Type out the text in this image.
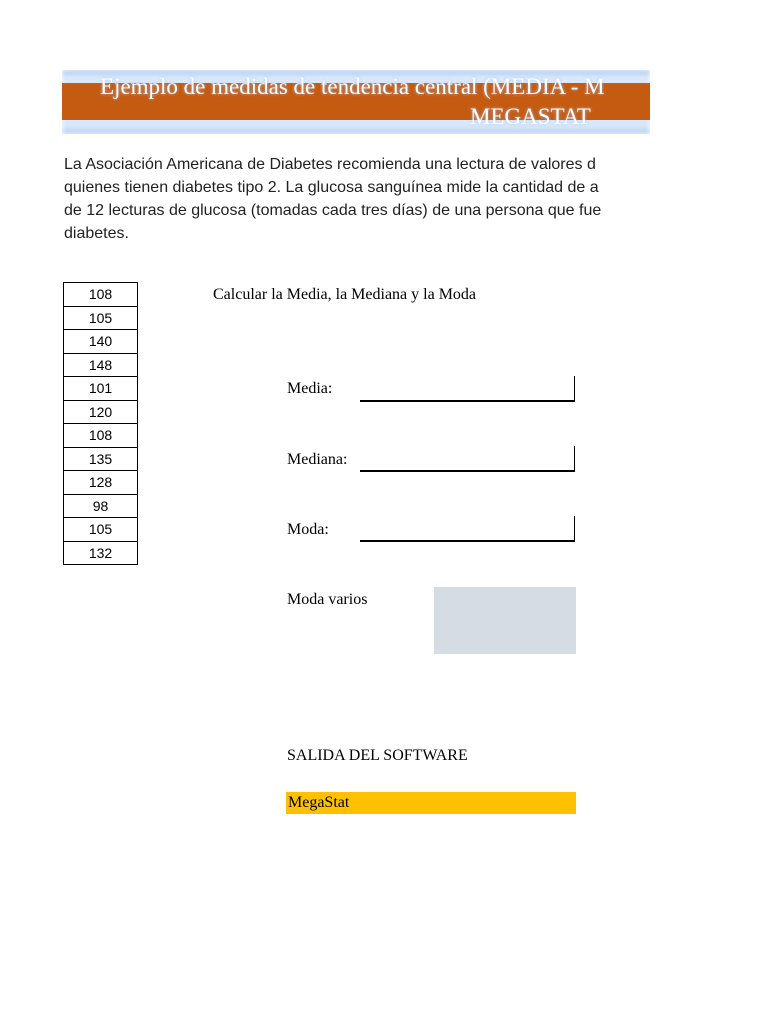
Ejemplo de medidas de tendencia central (MEDIA - M
MEGASTAT
La Asociación Americana de Diabetes recomienda una lectura de valores d
quienes tienen diabetes tipo 2. La glucosa sanguínea mide la cantidad de a
de 12 lecturas de glucosa (tomadas cada tres días) de una persona que fue
diabetes.
108
105
140
148
101
120
108
135
128
98
105
132
Calcular la Media, la Mediana y la Moda
Media:
Mediana:
Moda:
Moda varios
SALIDA DEL SOFTWARE
MegaStat
